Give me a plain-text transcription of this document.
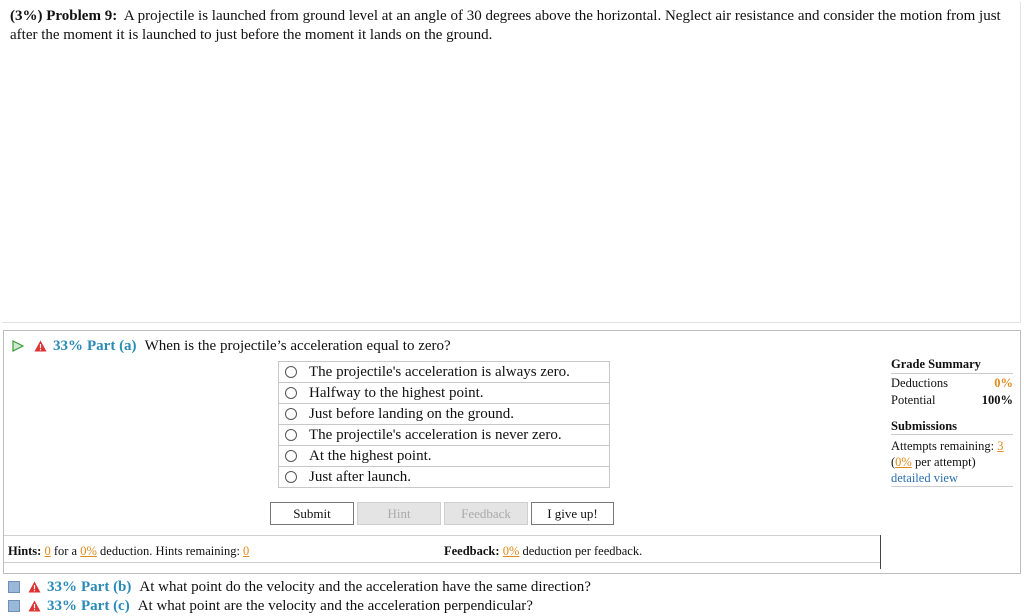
(3%) Problem 9: A projectile is launched from ground level at an angle of 30 degrees above the horizontal. Neglect air resistance and consider the motion from just after the moment it is launched to just before the moment it lands on the ground.
33% Part (a) When is the projectile’s acceleration equal to zero?
The projectile's acceleration is always zero.
Halfway to the highest point.
Just before landing on the ground.
The projectile's acceleration is never zero.
At the highest point.
Just after launch.
Submit	Hint	Feedback	I give up!
Hints: 0 for a 0% deduction. Hints remaining: 0	Feedback: 0% deduction per feedback.
Grade Summary
Deductions	0%
Potential	100%
Submissions
Attempts remaining: 3
(0% per attempt)
detailed view
33% Part (b) At what point do the velocity and the acceleration have the same direction?
33% Part (c) At what point are the velocity and the acceleration perpendicular?
